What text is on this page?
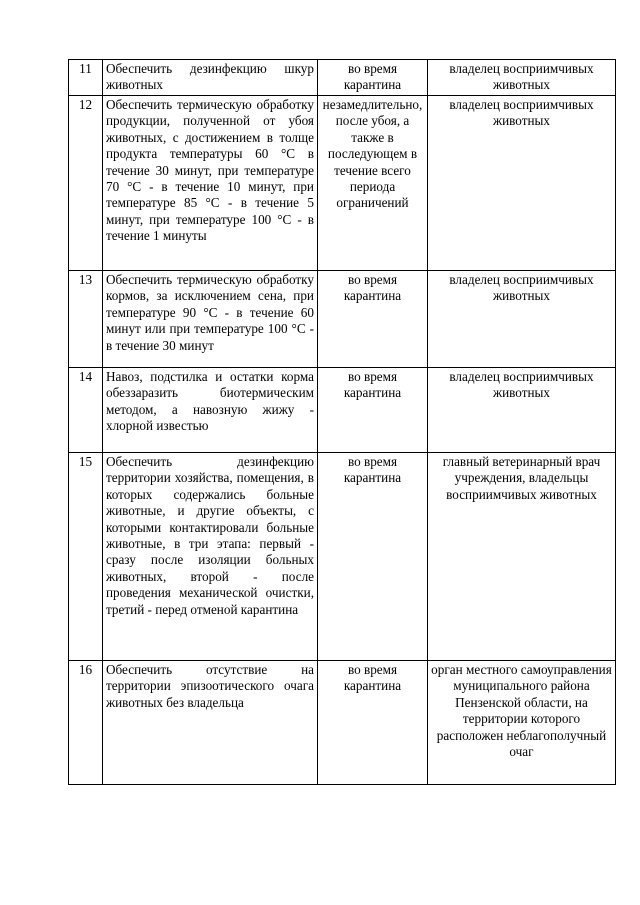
11	Обеспечить дезинфекцию шкур животных	во время карантина	владелец восприимчивых животных
12	Обеспечить термическую обработку продукции, полученной от убоя животных, с достижением в толще продукта температуры 60 °С в течение 30 минут, при температуре 70 °С - в течение 10 минут, при температуре 85 °С - в течение 5 минут, при температуре 100 °С - в течение 1 минуты	незамедлительно, после убоя, а также в последующем в течение всего периода ограничений	владелец восприимчивых животных
13	Обеспечить термическую обработку кормов, за исключением сена, при температуре 90 °С - в течение 60 минут или при температуре 100 °С - в течение 30 минут	во время карантина	владелец восприимчивых животных
14	Навоз, подстилка и остатки корма обеззаразить биотермическим методом, а навозную жижу - хлорной известью	во время карантина	владелец восприимчивых животных
15	Обеспечить дезинфекцию территории хозяйства, помещения, в которых содержались больные животные, и другие объекты, с которыми контактировали больные животные, в три этапа: первый - сразу после изоляции больных животных, второй - после проведения механической очистки, третий - перед отменой карантина	во время карантина	главный ветеринарный врач учреждения, владельцы восприимчивых животных
16	Обеспечить отсутствие на территории эпизоотического очага животных без владельца	во время карантина	орган местного самоуправления муниципального района Пензенской области, на территории которого расположен неблагополучный очаг
